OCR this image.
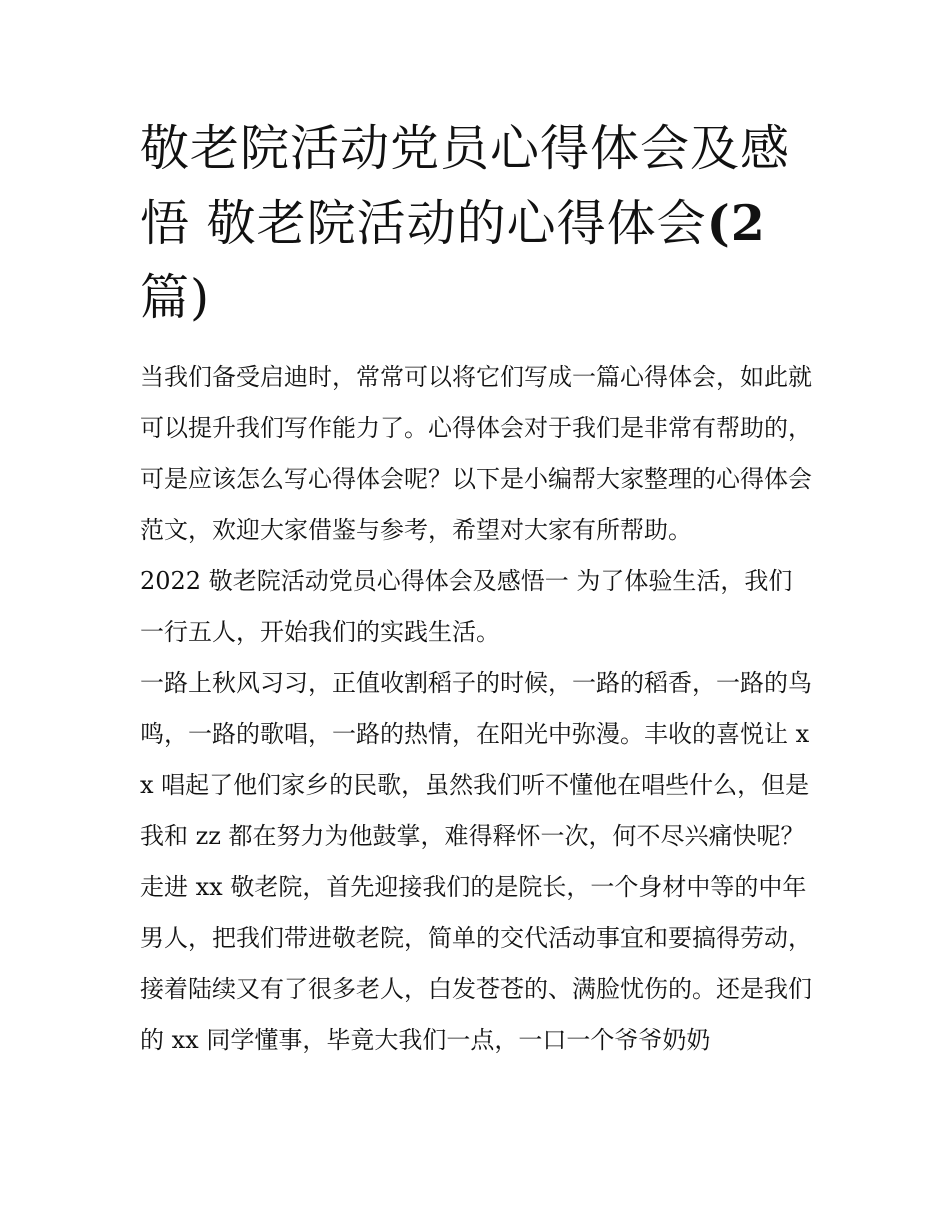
敬老院活动党员心得体会及感悟 敬老院活动的心得体会(2
篇)

当我们备受启迪时，常常可以将它们写成一篇心得体会，如此就可以提升我们写作能力了。心得体会对于我们是非常有帮助的，可是应该怎么写心得体会呢？以下是小编帮大家整理的心得体会范文，欢迎大家借鉴与参考，希望对大家有所帮助。

2022 敬老院活动党员心得体会及感悟一 为了体验生活，我们一行五人，开始我们的实践生活。

一路上秋风习习，正值收割稻子的时候，一路的稻香，一路的鸟鸣，一路的歌唱，一路的热情，在阳光中弥漫。丰收的喜悦让 xx 唱起了他们家乡的民歌，虽然我们听不懂他在唱些什么，但是我和 zz 都在努力为他鼓掌，难得释怀一次，何不尽兴痛快呢？

走进 xx 敬老院，首先迎接我们的是院长，一个身材中等的中年男人，把我们带进敬老院，简单的交代活动事宜和要搞得劳动，接着陆续又有了很多老人，白发苍苍的、满脸忧伤的。还是我们的 xx 同学懂事，毕竟大我们一点，一口一个爷爷奶奶
